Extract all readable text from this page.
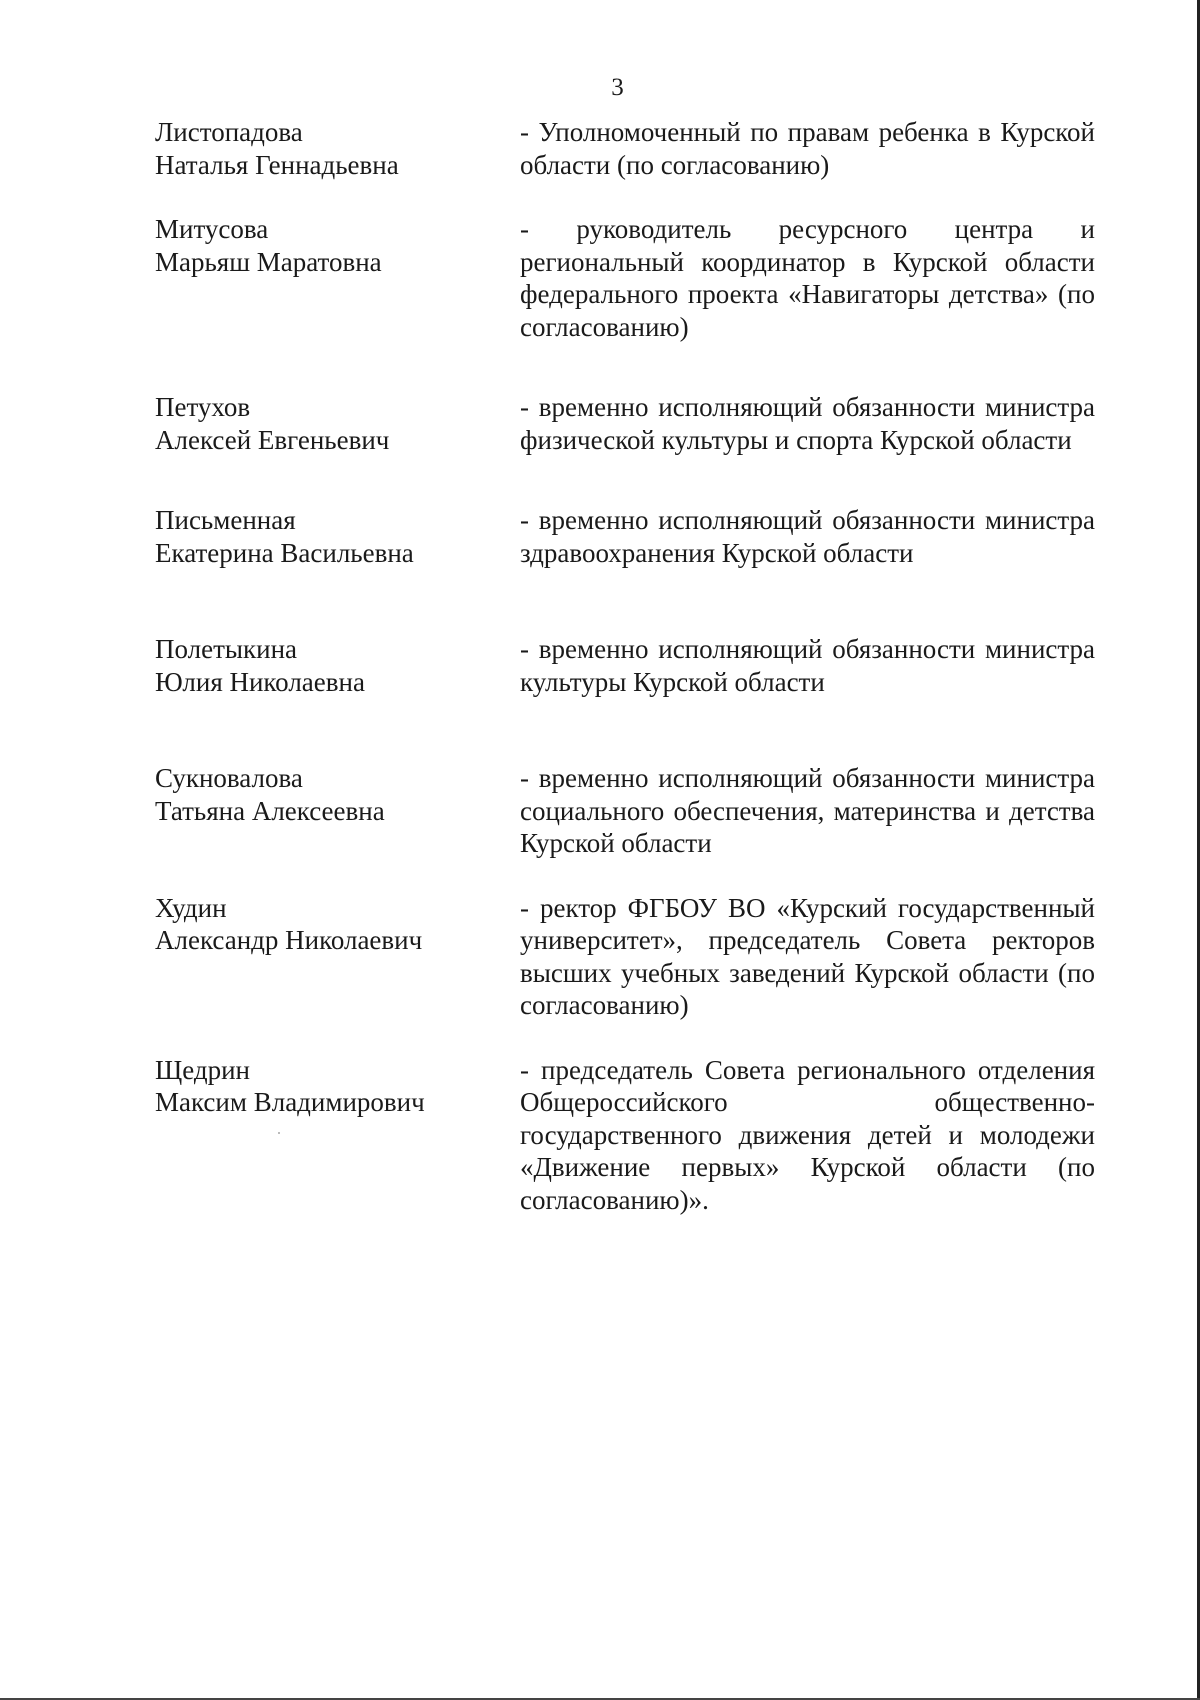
3
Листопадова
Наталья Геннадьевна
- Уполномоченный по правам ребенка в Курской области (по согласованию)
Митусова
Марьяш Маратовна
- руководитель ресурсного центра и региональный координатор в Курской области федерального проекта «Навигаторы детства» (по согласованию)
Петухов
Алексей Евгеньевич
- временно исполняющий обязанности министра физической культуры и спорта Курской области
Письменная
Екатерина Васильевна
- временно исполняющий обязанности министра здравоохранения Курской области
Полетыкина
Юлия Николаевна
- временно исполняющий обязанности министра культуры Курской области
Сукновалова
Татьяна Алексеевна
- временно исполняющий обязанности министра социального обеспечения, материнства и детства Курской области
Худин
Александр Николаевич
- ректор ФГБОУ ВО «Курский государственный университет», председатель Совета ректоров высших учебных заведений Курской области (по согласованию)
Щедрин
Максим Владимирович
- председатель Совета регионального отделения Общероссийского общественно-государственного движения детей и молодежи «Движение первых» Курской области (по согласованию)».
